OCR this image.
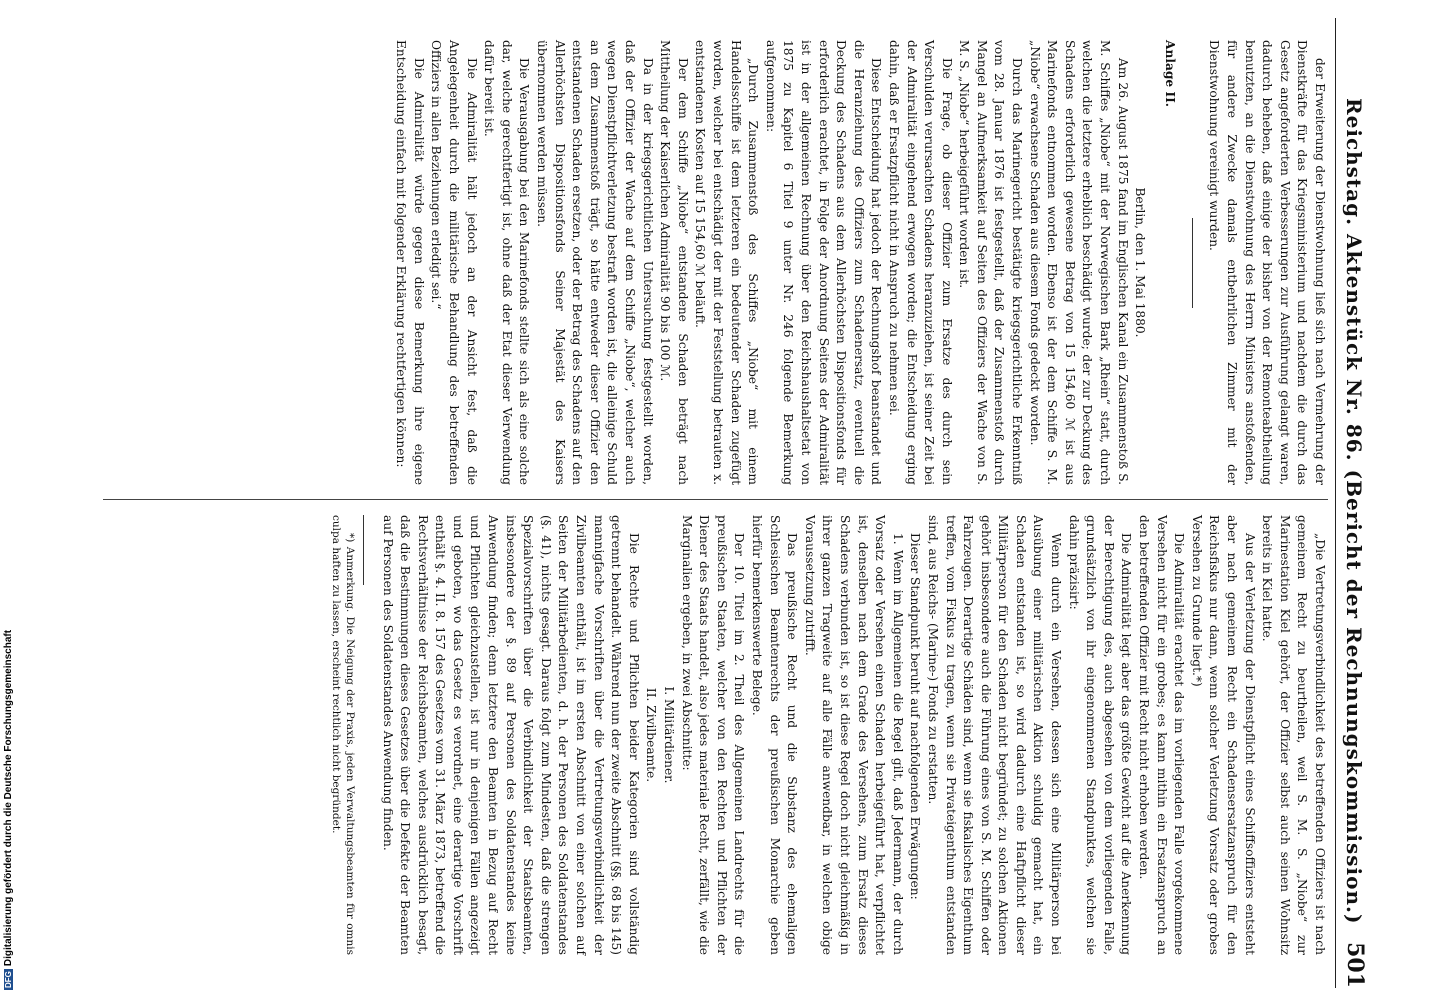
DFGDigitalisierung gefördert durch die Deutsche Forschungsgemeinschaft	Reichstag. Aktenstück Nr. 86. (Bericht der Rechnungskommission.)
501

der Erweiterung der Dienstwohnung ließ sich nach Vermehrung der Dienstkräfte für das Kriegsministerium und nachdem die durch das Gesetz angeforderten Verbesserungen zur Ausführung gelangt waren, dadurch beheben, daß einige der bisher von der Remonteabtheilung benutzten, an die Dienstwohnung des Herrn Ministers anstoßenden, für andere Zwecke damals entbehrlichen Zimmer mit der Dienstwohnung vereinigt wurden.

Anlage II.

Berlin, den 1. Mai 1880.

Am 26. August 1875 fand im Englischen Kanal ein Zusammenstoß S. M. Schiffes „Niobe“ mit der Norwegischen Bark „Rhein“ statt, durch welchen die letztere erheblich beschädigt wurde; der zur Deckung des Schadens erforderlich gewesene Betrag von 15 154,60 ℳ ist aus Marinefonds entnommen worden. Ebenso ist der dem Schiffe S. M. „Niobe“ erwachsene Schaden aus diesem Fonds gedeckt worden.

Durch das Marinegericht bestätigte kriegsgerichtliche Erkenntniß vom 28. Januar 1876 ist festgestellt, daß der Zusammenstoß durch Mangel an Aufmerksamkeit auf Seiten des Offiziers der Wache von S. M. S. „Niobe“ herbeigeführt worden ist.

Die Frage, ob dieser Offizier zum Ersatze des durch sein Verschulden verursachten Schadens heranzuziehen, ist seiner Zeit bei der Admiralität eingehend erwogen worden; die Entscheidung erging dahin, daß er Ersatzpflicht nicht in Anspruch zu nehmen sei.

Diese Entscheidung hat jedoch der Rechnungshof beanstandet und die Heranziehung des Offiziers zum Schadenersatz, eventuell die Deckung des Schadens aus dem Allerhöchsten Dispositionsfonds für erforderlich erachtet, in Folge der Anordnung Seitens der Admiralität ist in der allgemeinen Rechnung über den Reichshaushaltsetat von 1875 zu Kapitel 6 Titel 9 unter Nr. 246 folgende Bemerkung aufgenommen:

„Durch Zusammenstoß des Schiffes „Niobe“ mit einem Handelsschiffe ist dem letzteren ein bedeutender Schaden zugefügt worden, welcher bei entschädigt der mit der Feststellung betrauten x. entstandenen Kosten auf 15 154,60 ℳ beläuft.

Der dem Schiffe „Niobe“ entstandene Schaden beträgt nach Mittheilung der Kaiserlichen Admiralität 90 bis 100 ℳ.

Da in der kriegsgerichtlichen Untersuchung festgestellt worden, daß der Offizier der Wache auf dem Schiffe „Niobe“, welcher auch wegen Dienstpflichtverletzung bestraft worden ist, die alleinige Schuld an dem Zusammenstoß trägt, so hätte entweder dieser Offizier den entstandenen Schaden ersetzen, oder der Betrag des Schadens auf den Allerhöchsten Dispositionsfonds Seiner Majestät des Kaisers übernommen werden müssen.

Die Verausgabung bei den Marinefonds stellte sich als eine solche dar, welche gerechtfertigt ist, ohne daß der Etat dieser Verwendung dafür bereit ist.

Die Admiralität hält jedoch an der Ansicht fest, daß die Angelegenheit durch die militärische Behandlung des betreffenden Offiziers in allen Beziehungen erledigt sei.“

Die Admiralität würde gegen diese Bemerkung ihre eigene Entscheidung einfach mit folgender Erklärung rechtfertigen können:

„Die Vertretungsverbindlichkeit des betreffenden Offiziers ist nach gemeinem Recht zu beurtheilen, weil S. M. S. „Niobe“ zur Marinestation Kiel gehört, der Offizier selbst auch seinen Wohnsitz bereits in Kiel hatte.

Aus der Verletzung der Dienstpflicht eines Schiffsoffiziers entsteht aber nach gemeinem Recht ein Schadensersatzanspruch für den Reichsfiskus nur dann, wenn solcher Verletzung Vorsatz oder grobes Versehen zu Grunde liegt.*)

Die Admiralität erachtet das im vorliegenden Falle vorgekommene Versehen nicht für ein grobes; es kann mithin ein Ersatzanspruch an den betreffenden Offizier mit Recht nicht erhoben werden.

Die Admiralität legt aber das größte Gewicht auf die Anerkennung der Berechtigung des, auch abgesehen von dem vorliegenden Falle, grundsätzlich von ihr eingenommenen Standpunktes, welchen sie dahin präzisirt:

Wenn durch ein Versehen, dessen sich eine Militärperson bei Ausübung einer militärischen Aktion schuldig gemacht hat, ein Schaden entstanden ist, so wird dadurch eine Haftpflicht dieser Militärperson für den Schaden nicht begründet; zu solchen Aktionen gehört insbesondere auch die Führung eines von S. M. Schiffen oder Fahrzeugen. Derartige Schäden sind, wenn sie fiskalisches Eigenthum treffen, vom Fiskus zu tragen, wenn sie Privateigenthum entstanden sind, aus Reichs- (Marine-) Fonds zu erstatten.

Dieser Standpunkt beruht auf nachfolgenden Erwägungen:

1. Wenn im Allgemeinen die Regel gilt, daß Jedermann, der durch Vorsatz oder Versehen einen Schaden herbeigeführt hat, verpflichtet ist, denselben nach dem Grade des Versehens, zum Ersatz dieses Schadens verbunden ist, so ist diese Regel doch nicht gleichmäßig in ihrer ganzen Tragweite auf alle Fälle anwendbar, in welchen obige Voraussetzung zutrifft.

Das preußische Recht und die Substanz des ehemaligen Schlesischen Beamtenrechts der preußischen Monarchie geben hierfür bemerkenswerte Belege.

Der 10. Titel im 2. Theil des Allgemeinen Landrechts für die preußischen Staaten, welcher von den Rechten und Pflichten der Diener des Staats handelt, also jedes materiale Recht, zerfällt, wie die Marginalien ergeben, in zwei Abschnitte:

I. Militärdiener.

II. Zivilbeamte.

Die Rechte und Pflichten beider Kategorien sind vollständig getrennt behandelt. Während nun der zweite Abschnitt (§§. 68 bis 145) mannigfache Vorschriften über die Vertretungsverbindlichkeit der Zivilbeamten enthält, ist im ersten Abschnitt von einer solchen auf Seiten der Militärbedienten, d. h. der Personen des Soldatenstandes (§. 41), nichts gesagt. Daraus folgt zum Mindesten, daß die strengen Spezialvorschriften über die Verbindlichkeit der Staatsbeamten, insbesondere der §. 89 auf Personen des Soldatenstandes keine Anwendung finden; denn letztere den Beamten in Bezug auf Recht und Pflichten gleichzustellen, ist nur in denjenigen Fällen angezeigt und geboten, wo das Gesetz es verordnet, eine derartige Vorschrift enthält §. 4. II. 8. 157 des Gesetzes vom 31. März 1873, betreffend die Rechtsverhältnisse der Reichsbeamten, welches ausdrücklich besagt, daß die Bestimmungen dieses Gesetzes über die Defekte der Beamten auf Personen des Soldatenstandes Anwendung finden.

*) Anmerkung. Die Neigung der Praxis, jeden Verwaltungsbeamten für omnis culpa haften zu lassen, erscheint rechtlich nicht begründet.
